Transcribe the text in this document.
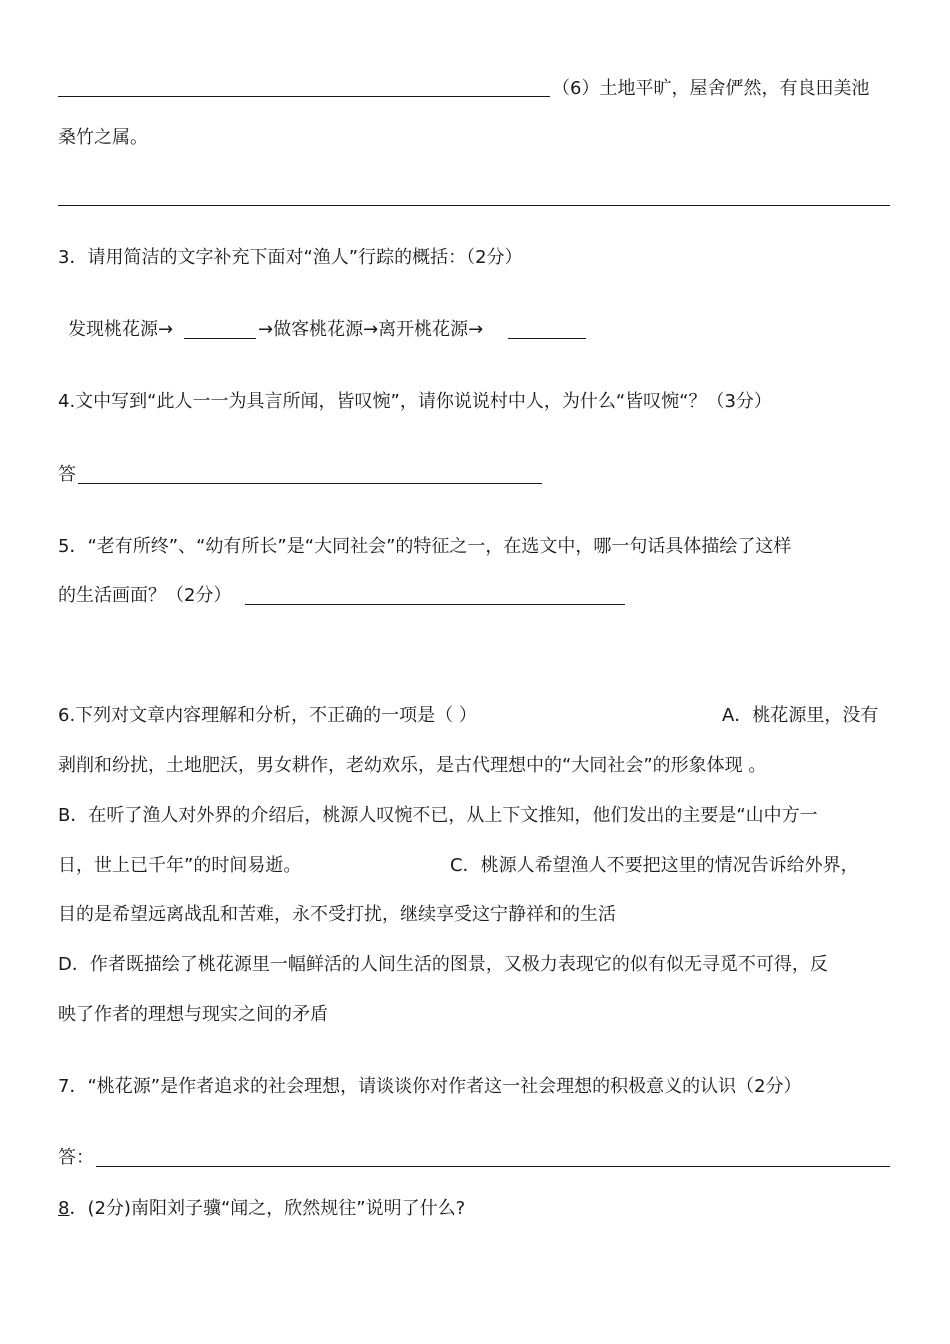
（6）土地平旷，屋舍俨然，有良田美池
桑竹之属。
3．请用简洁的文字补充下面对“渔人”行踪的概括：（2分）
发现桃花源→	→做客桃花源→离开桃花源→
4.文中写到“此人一一为具言所闻，皆叹惋”，请你说说村中人，为什么“皆叹惋“？（3分）
答
5．“老有所终”、“幼有所长”是“大同社会”的特征之一，在选文中，哪一句话具体描绘了这样
的生活画面？（2分）
6.下列对文章内容理解和分析，不正确的一项是（ ）	A．桃花源里，没有
剥削和纷扰，土地肥沃，男女耕作，老幼欢乐，是古代理想中的“大同社会”的形象体现 。
B．在听了渔人对外界的介绍后，桃源人叹惋不已，从上下文推知，他们发出的主要是“山中方一
日，世上已千年”的时间易逝。	C．桃源人希望渔人不要把这里的情况告诉给外界，
目的是希望远离战乱和苦难，永不受打扰，继续享受这宁静祥和的生活
D．作者既描绘了桃花源里一幅鲜活的人间生活的图景，又极力表现它的似有似无寻觅不可得，反
映了作者的理想与现实之间的矛盾
7．“桃花源”是作者追求的社会理想，请谈谈你对作者这一社会理想的积极意义的认识（2分）
答：
8．(2分)南阳刘子骥“闻之，欣然规往”说明了什么?
